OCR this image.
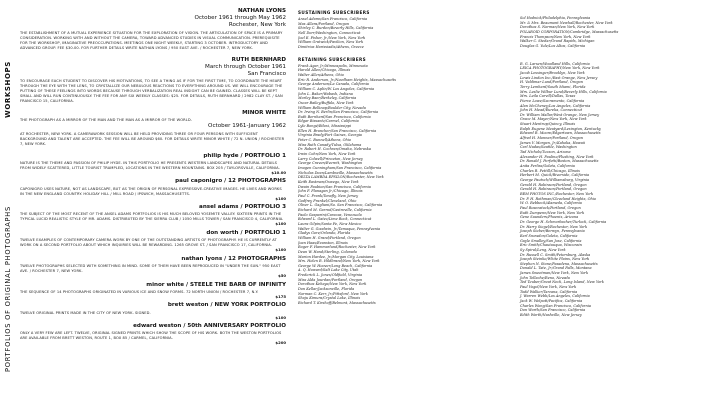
WORKSHOPS
PORTFOLIOS OF ORIGINAL PHOTOGRAPHS
NATHAN LYONS
October 1961 through May 1962
Rochester, New York
THE ESTABLISHMENT OF A MUTUAL EXPERIENCE SITUATION FOR THE EXPLORATION OF VISION. THE ARTICULATION OF SPACE IS A PRIMARY CONSIDERATION. WORKING WITH AND WITHOUT THE CAMERA, TOWARD ADVANCED STUDIES IN VISUAL COMMUNICATION. PREREQUISITE FOR THE WORKSHOP, IMAGINATIVE PREOCCUPATIONS. MEETINGS ONE NIGHT WEEKLY, STARTING 3 OCTOBER. INTRODUCTORY AND ADVANCED GROUP. FEE $30.00. FOR FURTHER DETAILS WRITE NATHAN LYONS / 950 EAST AVE. / ROCHESTER 7, NEW YORK.
RUTH BERNHARD
March through October 1961
San Francisco
TO ENCOURAGE EACH STUDENT TO DISCOVER HIS MOTIVATIONS, TO SEE A THING AS IF FOR THE FIRST TIME, TO COORDINATE THE HEART THROUGH THE EYE WITH THE LENS, TO CRYSTALLIZE OUR NEBULOUS REACTIONS TO EVERYTHING AROUND US. WE WILL ENCOURAGE THE PUTTING OF THESE FEELINGS INTO WORDS BECAUSE THROUGH VERBALIZATION REAL INSIGHT CAN BE GAINED. CLASSES WILL BE KEPT SMALL AND WILL RUN CONTINUOUSLY. THE FEE FOR ANY SIX WEEKLY CLASSES: $25. FOR DETAILS, RUTH BERNHARD / 2982 CLAY ST. / SAN FRANCISCO 15, CALIFORNIA.
MINOR WHITE
THE PHOTOGRAPH AS A MIRROR OF THE MAN AND THE MAN AS A MIRROR OF THE WORLD.
October 1961-January 1962
AT ROCHESTER, NEW YORK. A CAMERAWORK SESSION WILL BE HELD PROVIDING THREE OR FOUR PERSONS WITH SUFFICIENT BACKGROUND AND TALENT ARE ACCEPTED. THE FEE WILL BE AROUND $60. FOR DETAILS WRITE MINOR WHITE / 72 N. UNION / ROCHESTER 7, NEW YORK.
philip hyde / PORTFOLIO 1
NATURE IS THE THEME AND PASSION OF PHILIP HYDE. IN THIS PORTFOLIO HE PRESENTS WESTERN LANDSCAPES AND NATURAL DETAILS FROM WIDELY SCATTERED, LITTLE TOURIST TRAMPLED, LOCATIONS IN THE WESTERN MOUNTAINS. BOX 205 / TAYLORSVILLE, CALIFORNIA.
$10.00
paul caponigro / 12 PHOTOGRAPHS
CAPONIGRO USES NATURE, NOT AS LANDSCAPE, BUT AS THE ORIGIN OF PERSONAL EXPRESSIVE-CREATIVE IMAGES. HE LIVES AND WORKS IN THE NEW ENGLAND COUNTRY. HOLIDAY HILL / MILL ROAD / IPSWICH, MASSACHUSETTS.
$100
ansel adams / PORTFOLIO 3
THE SUBJECT OF THE MOST RECENT OF THE ANSEL ADAMS PORTFOLIOS IS HIS MUCH BELOVED YOSEMITE VALLEY. SIXTEEN PRINTS IN THE TYPICAL LUCID REALISTIC STYLE OF MR. ADAMS. DISTRIBUTED BY THE SIERRA CLUB / 1050 MILLS TOWER / SAN FRANCISCO 4, CALIFORNIA.
$100
don worth / PORTFOLIO 1
TWELVE EXAMPLES OF CONTEMPORARY CAMERA WORK BY ONE OF THE OUTSTANDING ARTISTS OF PHOTOGRAPHY. HE IS CURRENTLY AT WORK ON A SECOND PORTFOLIO ABOUT WHICH INQUIRIES WILL BE REWARDING. 1265 GROVE ST. / SAN FRANCISCO 17, CALIFORNIA.
$100
nathan lyons / 12 PHOTOGRAPHS
TWELVE PHOTOGRAPHS SELECTED WITH SOMETHING IN MIND. SOME OF THEM HAVE BEEN REPRODUCED IN "UNDER THE SUN." 950 EAST AVE. / ROCHESTER 7, NEW YORK.
$50
minor white / STEELE THE BARB OF INFINITY
THE SEQUENCE OF 14 PHOTOGRAPHS ORIGINATED IN VARIOUS ICE AND SNOW FORMS. 72 NORTH UNION / ROCHESTER 7, N.Y.
$175
brett weston / NEW YORK PORTFOLIO
TWELVE ORIGINAL PRINTS MADE IN THE CITY OF NEW YORK. SIGNED.
$100
edward weston / 50th ANNIVERSARY PORTFOLIO
ONLY A VERY FEW ARE LEFT. TWELVE, ORIGINAL SIGNED PRINTS WHICH SHOW THE SCOPE OF HIS WORK. BOTH THE WESTON PORTFOLIOS ARE AVAILABLE FROM BRETT WESTON, ROUTE 1, BOX 85 / CARMEL, CALIFORNIA.
$200
SUSTAINING SUBSCRIBERS
Ansel Adams/San Francisco, California
Max Allara/Portland, Oregon
Shirley C. Burden/Beverly Hills, California
Nell Dorr/Washington, Connecticut
Joel E. Fisher, Jr./New York, New York
William Gratwick/Pavilion, New York
Dimitrios Harissiadis/Athens, Greece
RETAINING SUBSCRIBERS
Frank Agar, Jr./Minneapolis, Minnesota
Harold Allen/Chicago, Illinois
Walter Allen/Athens, Ohio
Eric R. Anderson, Jr./Needham Heights, Massachusetts
George Anderson/La Canada, California
William C. Aplin/W. Los Angeles, California
John L. Baker/Wabash, Indiana
Morley Baer/Berkeley, California
Oscar Bailey/Buffalo, New York
William Belknap/Boulder City, Nevada
Dr. Irving N. Berlin/San Francisco, California
Ruth Bernhard/San Francisco, California
Edgar Bissantz/Carmel, California
Lyle Bongé/Biloxi, Mississippi
Ellen H. Brancher/San Francisco, California
Virginia Brady/Fort Gaines, Georgia
Peter C. Bunnell/Athens, Ohio
Miss Ruth Canady/Tulsa, Oklahoma
Dr. Robert H. Cochran/Omaha, Nebraska
Irwin Cohn/New York, New York
Larry Colwell/Princeton, New Jersey
George Craven/Everett, Washington
Imogen Cunningham/San Francisco, California
Nicholas Dean/Lambsville, Massachusetts
DELTA LAMBDA EPSILON/Rochester, New York
Keith Eastman/Oswego, New York
Dwain Faubion/San Francisco, California
John F. Flanagan Jr./Chicago, Illinois
Paul C. Frank/Tenafly, New Jersey
Godfrey Frankel/Cleveland, Ohio
Oliver L. Gagliani/So. San Francisco, California
Richard M. Garrod/Castroville, California
Paolo Gasparini/Caracas, Venezuela
Edward L. Gatez/Lime Rock, Connecticut
Laura Gilpin/Santa Fe, New Mexico
Walter G. Goodwin, Jr./Tamaqua, Pennsylvania
Gladys Gore/Orlando, Florida
William H. Grand/Portland, Oregon
Joan Haas/Evanston, Illinois
Roger F. Hammarlund/Rochester, New York
Dean W. Hand/Sterling, Colorado
Marion Hardee, Jr./Morgan City, Louisiana
Mrs. Helen R. Hildbrand/New York, New York
George W. Hoover/Long Beach, California
A. Q. Howard/Salt Lake City, Utah
Frederick L. Jones/Oldfield, Virginia
Miss Alda Jourdan/Portland, Oregon
Dorothea Kehaya/New York, New York
Don Kellar/Jacksonville, Florida
Norman C. Kerr, Jr./Pittsford, New York
Shaju Kimura/Crystal Lake, Illinois
Richard T. Kirshoff/Belmont, Massachusetts
Sol Hodnick/Philadelphia, Pennsylvania
Mr. & Mrs. Beaumont Newhall/Rochester, New York
Dorothea S. Norman/New York, New York
POLAROID CORPORATION/Cambridge, Massachusetts
Francis Thompson/New York, New York
Walker C. Stedar/Grand Rapids, Michigan
Douglas G. Yule/Los Altos, California
R. G. Larsen/Woodland Hills, California
LEICA PHOTOGRAPHY/New York, New York
Jacob Lessinger/Brooklyn, New York
Lewis Lindon Inc./East Orange, New Jersey
H. Valdimar Lund/Portland, Oregon
Terry Lemhard/South Miami, Florida
Mrs. Leslie Wilbur Lund/Beverly Hills, California
Mrs. Leila Carvill/Dallas, Texas
Pierce Lowe/Sacramento, California
Alan McCheney/Los Angeles, California
John H. Mead/Eureka, Connecticut
Dr. William Mallar/West Orange, New Jersey
Grace M. Mayer/New York, New York
Stuart Mentrup/Quincy, Illinois
Ralph Eugene Meatyard/Lexington, Kentucky
Edward R. Moore/Edgartown, Massachusetts
Alfred H. Monnar/Portland, Oregon
James V. Morgan, Jr./Kahoka, Hawaii
Carl Nadas/Seattle, Washington
Tad Nichols/Tucson, Arizona
Alexander H. Pauline/Flushing, New York
Dr. Ronald J. Perfetti/Boston, Massachusetts
Anita Perliss/Goleta, California
Charles R. Pettill/Chicago, Illinois
Herbert M. Quick/Riverside, California
George Pautsch/Williamsburg, Virginia
Gerald H. Robinson/Portland, Oregon
Gerald H. Robinson/Portland, Oregon
REM PHOTOS INC./Rochester, New York
Dr. P. H. Rothman/Cleveland Heights, Ohio
W. O. Rebbeck/Alameda, California
Paul Rosenstock/Portland, Oregon
Ruth Zumpenn/New York, New York
Gene Saunders/Phoenix, Arizona
Dr. George H. Schmorbacher/Turlock, California
Dr. Harry Siegel/Rochester, New York
Joseph Sieber/Berwyn, Pennsylvania
Earl Snowdon/Goleta, California
Gayle Smalley/San Jose, California
Eric Smith/Chautauqua, Wisconsin
Sy Spiral/Leng, New York
Dr. Russell C. Smith/Petersburg, Alaska
Joseph Steinke/White Plains, New York
Stephen N. Stone/Pasadena, Massachusetts
Donald L. Tate, Jr./Grand Falls, Montana
James Sweetman/New York, New York
John Tellache/Reno, Nevada
Ted Teuber/Great Neck, Long Island, New York
Paul Vogel/New York, New York
Todd Walker/Tarzana, California
J. Warren Webb/Los Angeles, California
Jack W. Welpott/Pacifica, California
Charles Wong/San Francisco, California
Don Worth/San Francisco, California
Edith Worth/Nashville, New Jersey
